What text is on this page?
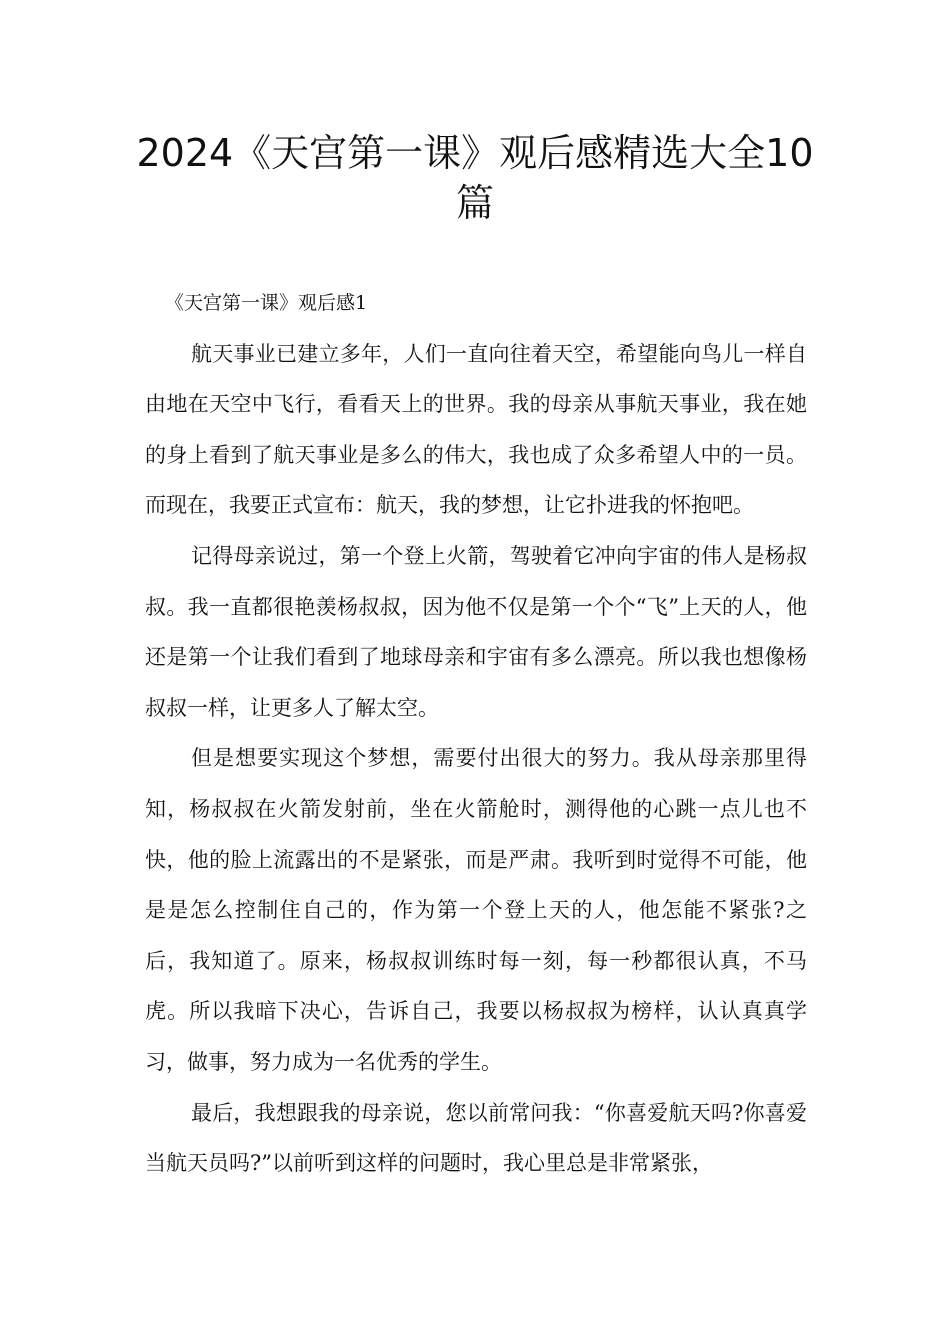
2024《天宫第一课》观后感精选大全10篇

《天宫第一课》观后感1

航天事业已建立多年，人们一直向往着天空，希望能向鸟儿一样自由地在天空中飞行，看看天上的世界。我的母亲从事航天事业，我在她的身上看到了航天事业是多么的伟大，我也成了众多希望人中的一员。而现在，我要正式宣布：航天，我的梦想，让它扑进我的怀抱吧。

记得母亲说过，第一个登上火箭，驾驶着它冲向宇宙的伟人是杨叔叔。我一直都很艳羡杨叔叔，因为他不仅是第一个个“飞”上天的人，他还是第一个让我们看到了地球母亲和宇宙有多么漂亮。所以我也想像杨叔叔一样，让更多人了解太空。

但是想要实现这个梦想，需要付出很大的努力。我从母亲那里得知，杨叔叔在火箭发射前，坐在火箭舱时，测得他的心跳一点儿也不快，他的脸上流露出的不是紧张，而是严肃。我听到时觉得不可能，他是是怎么控制住自己的，作为第一个登上天的人，他怎能不紧张?之后，我知道了。原来，杨叔叔训练时每一刻，每一秒都很认真，不马虎。所以我暗下决心，告诉自己，我要以杨叔叔为榜样，认认真真学习，做事，努力成为一名优秀的学生。

最后，我想跟我的母亲说，您以前常问我：“你喜爱航天吗?你喜爱当航天员吗?”以前听到这样的问题时，我心里总是非常紧张，
